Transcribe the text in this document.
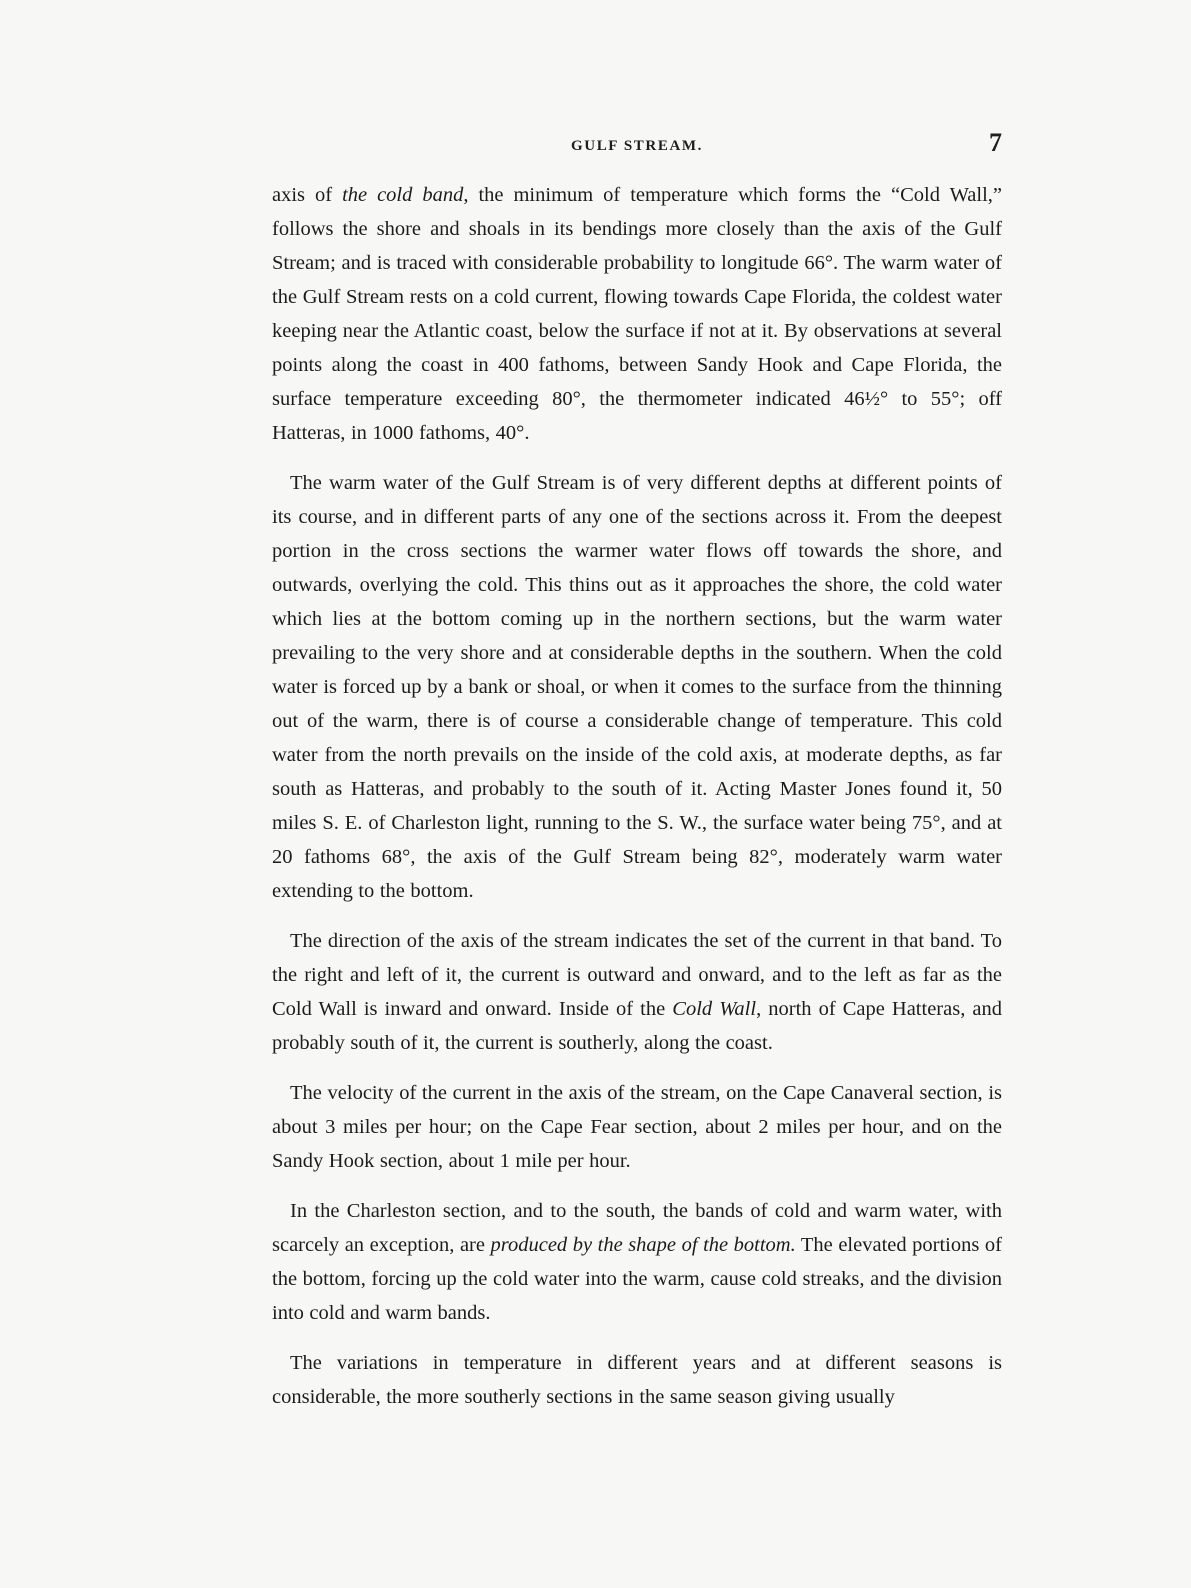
GULF STREAM.	7

axis of the cold band, the minimum of temperature which forms the “Cold Wall,” follows the shore and shoals in its bendings more closely than the axis of the Gulf Stream; and is traced with considerable probability to longitude 66°. The warm water of the Gulf Stream rests on a cold current, flowing towards Cape Florida, the coldest water keeping near the Atlantic coast, below the surface if not at it. By observations at several points along the coast in 400 fathoms, between Sandy Hook and Cape Florida, the surface temperature exceeding 80°, the thermometer indicated 46½° to 55°; off Hatteras, in 1000 fathoms, 40°.

The warm water of the Gulf Stream is of very different depths at different points of its course, and in different parts of any one of the sections across it. From the deepest portion in the cross sections the warmer water flows off towards the shore, and outwards, overlying the cold. This thins out as it approaches the shore, the cold water which lies at the bottom coming up in the northern sections, but the warm water prevailing to the very shore and at considerable depths in the southern. When the cold water is forced up by a bank or shoal, or when it comes to the surface from the thinning out of the warm, there is of course a considerable change of temperature. This cold water from the north prevails on the inside of the cold axis, at moderate depths, as far south as Hatteras, and probably to the south of it. Acting Master Jones found it, 50 miles S. E. of Charleston light, running to the S. W., the surface water being 75°, and at 20 fathoms 68°, the axis of the Gulf Stream being 82°, moderately warm water extending to the bottom.

The direction of the axis of the stream indicates the set of the current in that band. To the right and left of it, the current is outward and onward, and to the left as far as the Cold Wall is inward and onward. Inside of the Cold Wall, north of Cape Hatteras, and probably south of it, the current is southerly, along the coast.

The velocity of the current in the axis of the stream, on the Cape Canaveral section, is about 3 miles per hour; on the Cape Fear section, about 2 miles per hour, and on the Sandy Hook section, about 1 mile per hour.

In the Charleston section, and to the south, the bands of cold and warm water, with scarcely an exception, are produced by the shape of the bottom. The elevated portions of the bottom, forcing up the cold water into the warm, cause cold streaks, and the division into cold and warm bands.

The variations in temperature in different years and at different seasons is considerable, the more southerly sections in the same season giving usually
